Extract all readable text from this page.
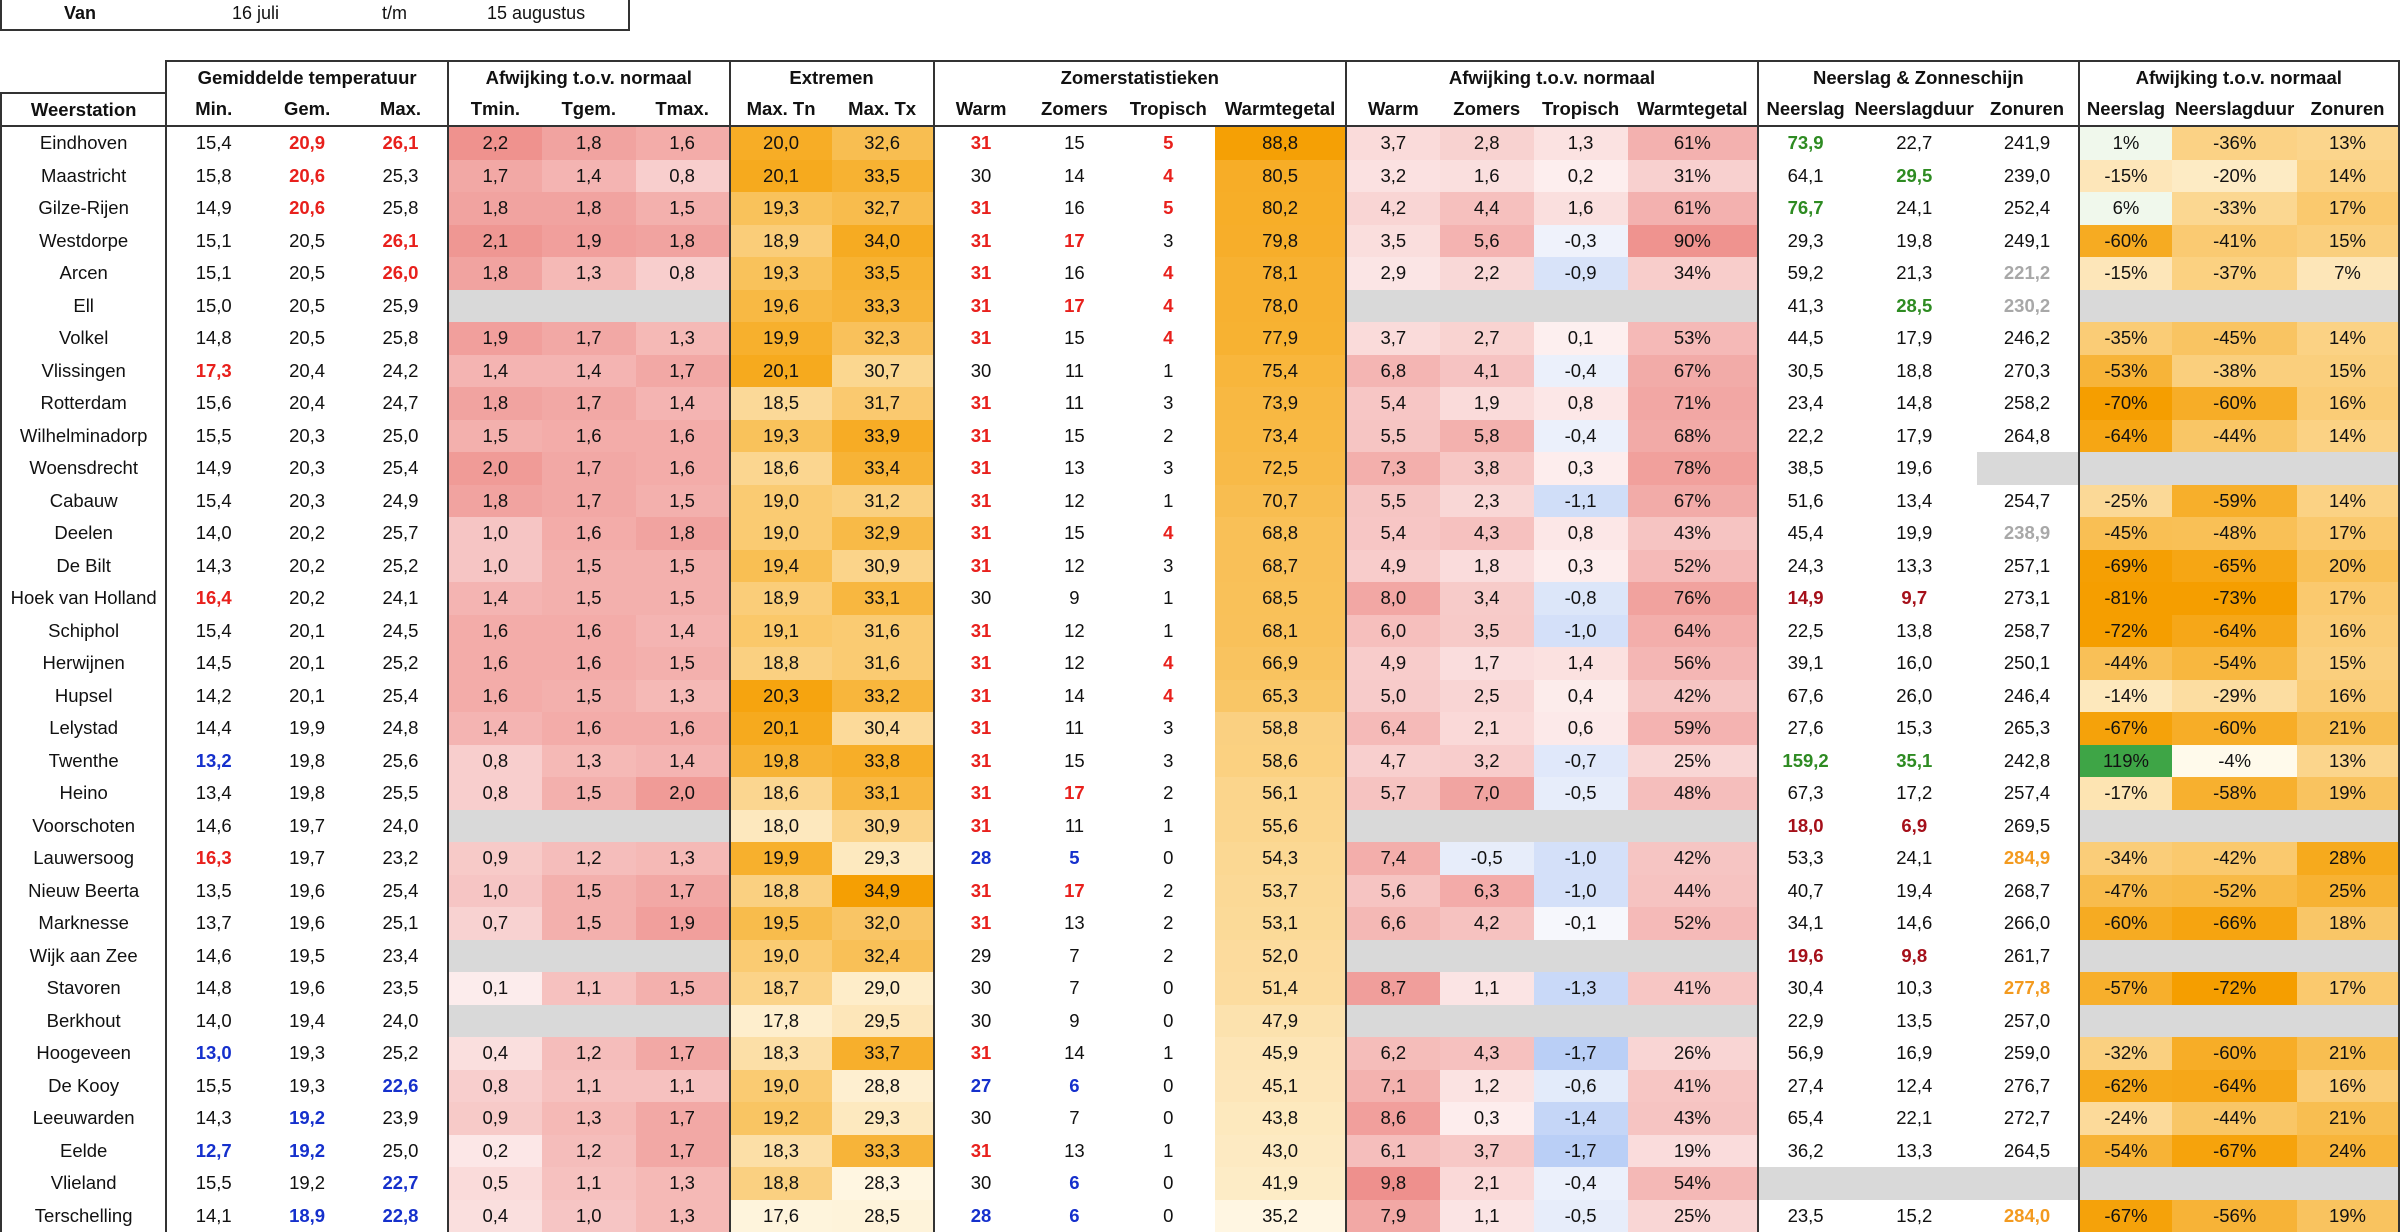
Van	16 juli	t/m	15 augustus
	Gemiddelde temperatuur			Afwijking t.o.v. normaal			Extremen		Zomerstatistieken				Afwijking t.o.v. normaal				Neerslag & Zonneschijn			Afwijking t.o.v. normaal		
Weerstation	Min.	Gem.	Max.	Tmin.	Tgem.	Tmax.	Max. Tn	Max. Tx	Warm	Zomers	Tropisch	Warmtegetal	Warm	Zomers	Tropisch	Warmtegetal	Neerslag	Neerslagduur	Zonuren	Neerslag	Neerslagduur	Zonuren
Eindhoven	15,4	20,9	26,1	2,2	1,8	1,6	20,0	32,6	31	15	5	88,8	3,7	2,8	1,3	61%	73,9	22,7	241,9	1%	-36%	13%
Maastricht	15,8	20,6	25,3	1,7	1,4	0,8	20,1	33,5	30	14	4	80,5	3,2	1,6	0,2	31%	64,1	29,5	239,0	-15%	-20%	14%
Gilze-Rijen	14,9	20,6	25,8	1,8	1,8	1,5	19,3	32,7	31	16	5	80,2	4,2	4,4	1,6	61%	76,7	24,1	252,4	6%	-33%	17%
Westdorpe	15,1	20,5	26,1	2,1	1,9	1,8	18,9	34,0	31	17	3	79,8	3,5	5,6	-0,3	90%	29,3	19,8	249,1	-60%	-41%	15%
Arcen	15,1	20,5	26,0	1,8	1,3	0,8	19,3	33,5	31	16	4	78,1	2,9	2,2	-0,9	34%	59,2	21,3	221,2	-15%	-37%	7%
Ell	15,0	20,5	25,9				19,6	33,3	31	17	4	78,0					41,3	28,5	230,2			
Volkel	14,8	20,5	25,8	1,9	1,7	1,3	19,9	32,3	31	15	4	77,9	3,7	2,7	0,1	53%	44,5	17,9	246,2	-35%	-45%	14%
Vlissingen	17,3	20,4	24,2	1,4	1,4	1,7	20,1	30,7	30	11	1	75,4	6,8	4,1	-0,4	67%	30,5	18,8	270,3	-53%	-38%	15%
Rotterdam	15,6	20,4	24,7	1,8	1,7	1,4	18,5	31,7	31	11	3	73,9	5,4	1,9	0,8	71%	23,4	14,8	258,2	-70%	-60%	16%
Wilhelminadorp	15,5	20,3	25,0	1,5	1,6	1,6	19,3	33,9	31	15	2	73,4	5,5	5,8	-0,4	68%	22,2	17,9	264,8	-64%	-44%	14%
Woensdrecht	14,9	20,3	25,4	2,0	1,7	1,6	18,6	33,4	31	13	3	72,5	7,3	3,8	0,3	78%	38,5	19,6				
Cabauw	15,4	20,3	24,9	1,8	1,7	1,5	19,0	31,2	31	12	1	70,7	5,5	2,3	-1,1	67%	51,6	13,4	254,7	-25%	-59%	14%
Deelen	14,0	20,2	25,7	1,0	1,6	1,8	19,0	32,9	31	15	4	68,8	5,4	4,3	0,8	43%	45,4	19,9	238,9	-45%	-48%	17%
De Bilt	14,3	20,2	25,2	1,0	1,5	1,5	19,4	30,9	31	12	3	68,7	4,9	1,8	0,3	52%	24,3	13,3	257,1	-69%	-65%	20%
Hoek van Holland	16,4	20,2	24,1	1,4	1,5	1,5	18,9	33,1	30	9	1	68,5	8,0	3,4	-0,8	76%	14,9	9,7	273,1	-81%	-73%	17%
Schiphol	15,4	20,1	24,5	1,6	1,6	1,4	19,1	31,6	31	12	1	68,1	6,0	3,5	-1,0	64%	22,5	13,8	258,7	-72%	-64%	16%
Herwijnen	14,5	20,1	25,2	1,6	1,6	1,5	18,8	31,6	31	12	4	66,9	4,9	1,7	1,4	56%	39,1	16,0	250,1	-44%	-54%	15%
Hupsel	14,2	20,1	25,4	1,6	1,5	1,3	20,3	33,2	31	14	4	65,3	5,0	2,5	0,4	42%	67,6	26,0	246,4	-14%	-29%	16%
Lelystad	14,4	19,9	24,8	1,4	1,6	1,6	20,1	30,4	31	11	3	58,8	6,4	2,1	0,6	59%	27,6	15,3	265,3	-67%	-60%	21%
Twenthe	13,2	19,8	25,6	0,8	1,3	1,4	19,8	33,8	31	15	3	58,6	4,7	3,2	-0,7	25%	159,2	35,1	242,8	119%	-4%	13%
Heino	13,4	19,8	25,5	0,8	1,5	2,0	18,6	33,1	31	17	2	56,1	5,7	7,0	-0,5	48%	67,3	17,2	257,4	-17%	-58%	19%
Voorschoten	14,6	19,7	24,0				18,0	30,9	31	11	1	55,6					18,0	6,9	269,5			
Lauwersoog	16,3	19,7	23,2	0,9	1,2	1,3	19,9	29,3	28	5	0	54,3	7,4	-0,5	-1,0	42%	53,3	24,1	284,9	-34%	-42%	28%
Nieuw Beerta	13,5	19,6	25,4	1,0	1,5	1,7	18,8	34,9	31	17	2	53,7	5,6	6,3	-1,0	44%	40,7	19,4	268,7	-47%	-52%	25%
Marknesse	13,7	19,6	25,1	0,7	1,5	1,9	19,5	32,0	31	13	2	53,1	6,6	4,2	-0,1	52%	34,1	14,6	266,0	-60%	-66%	18%
Wijk aan Zee	14,6	19,5	23,4				19,0	32,4	29	7	2	52,0					19,6	9,8	261,7			
Stavoren	14,8	19,6	23,5	0,1	1,1	1,5	18,7	29,0	30	7	0	51,4	8,7	1,1	-1,3	41%	30,4	10,3	277,8	-57%	-72%	17%
Berkhout	14,0	19,4	24,0				17,8	29,5	30	9	0	47,9					22,9	13,5	257,0			
Hoogeveen	13,0	19,3	25,2	0,4	1,2	1,7	18,3	33,7	31	14	1	45,9	6,2	4,3	-1,7	26%	56,9	16,9	259,0	-32%	-60%	21%
De Kooy	15,5	19,3	22,6	0,8	1,1	1,1	19,0	28,8	27	6	0	45,1	7,1	1,2	-0,6	41%	27,4	12,4	276,7	-62%	-64%	16%
Leeuwarden	14,3	19,2	23,9	0,9	1,3	1,7	19,2	29,3	30	7	0	43,8	8,6	0,3	-1,4	43%	65,4	22,1	272,7	-24%	-44%	21%
Eelde	12,7	19,2	25,0	0,2	1,2	1,7	18,3	33,3	31	13	1	43,0	6,1	3,7	-1,7	19%	36,2	13,3	264,5	-54%	-67%	24%
Vlieland	15,5	19,2	22,7	0,5	1,1	1,3	18,8	28,3	30	6	0	41,9	9,8	2,1	-0,4	54%						
Terschelling	14,1	18,9	22,8	0,4	1,0	1,3	17,6	28,5	28	6	0	35,2	7,9	1,1	-0,5	25%	23,5	15,2	284,0	-67%	-56%	19%
